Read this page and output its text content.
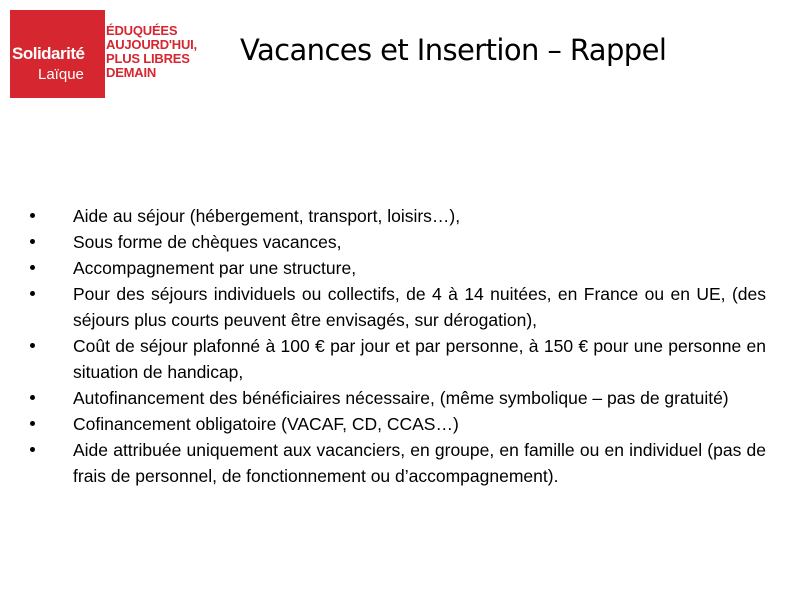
Solidarité
Laïque
ÉDUQUÉES
AUJOURD'HUI,
PLUS LIBRES
DEMAIN
Vacances et Insertion – Rappel
Aide au séjour (hébergement, transport, loisirs…),
Sous forme de chèques vacances,
Accompagnement par une structure,
Pour des séjours individuels ou collectifs, de 4 à 14 nuitées, en France ou en UE, (des séjours plus courts peuvent être envisagés, sur dérogation),
Coût de séjour plafonné à 100 € par jour et par personne, à 150 € pour une personne en situation de handicap,
Autofinancement des bénéficiaires nécessaire, (même symbolique – pas de gratuité)
Cofinancement obligatoire (VACAF, CD, CCAS…)
Aide attribuée uniquement aux vacanciers, en groupe, en famille ou en individuel (pas de frais de personnel, de fonctionnement ou d’accompagnement).
